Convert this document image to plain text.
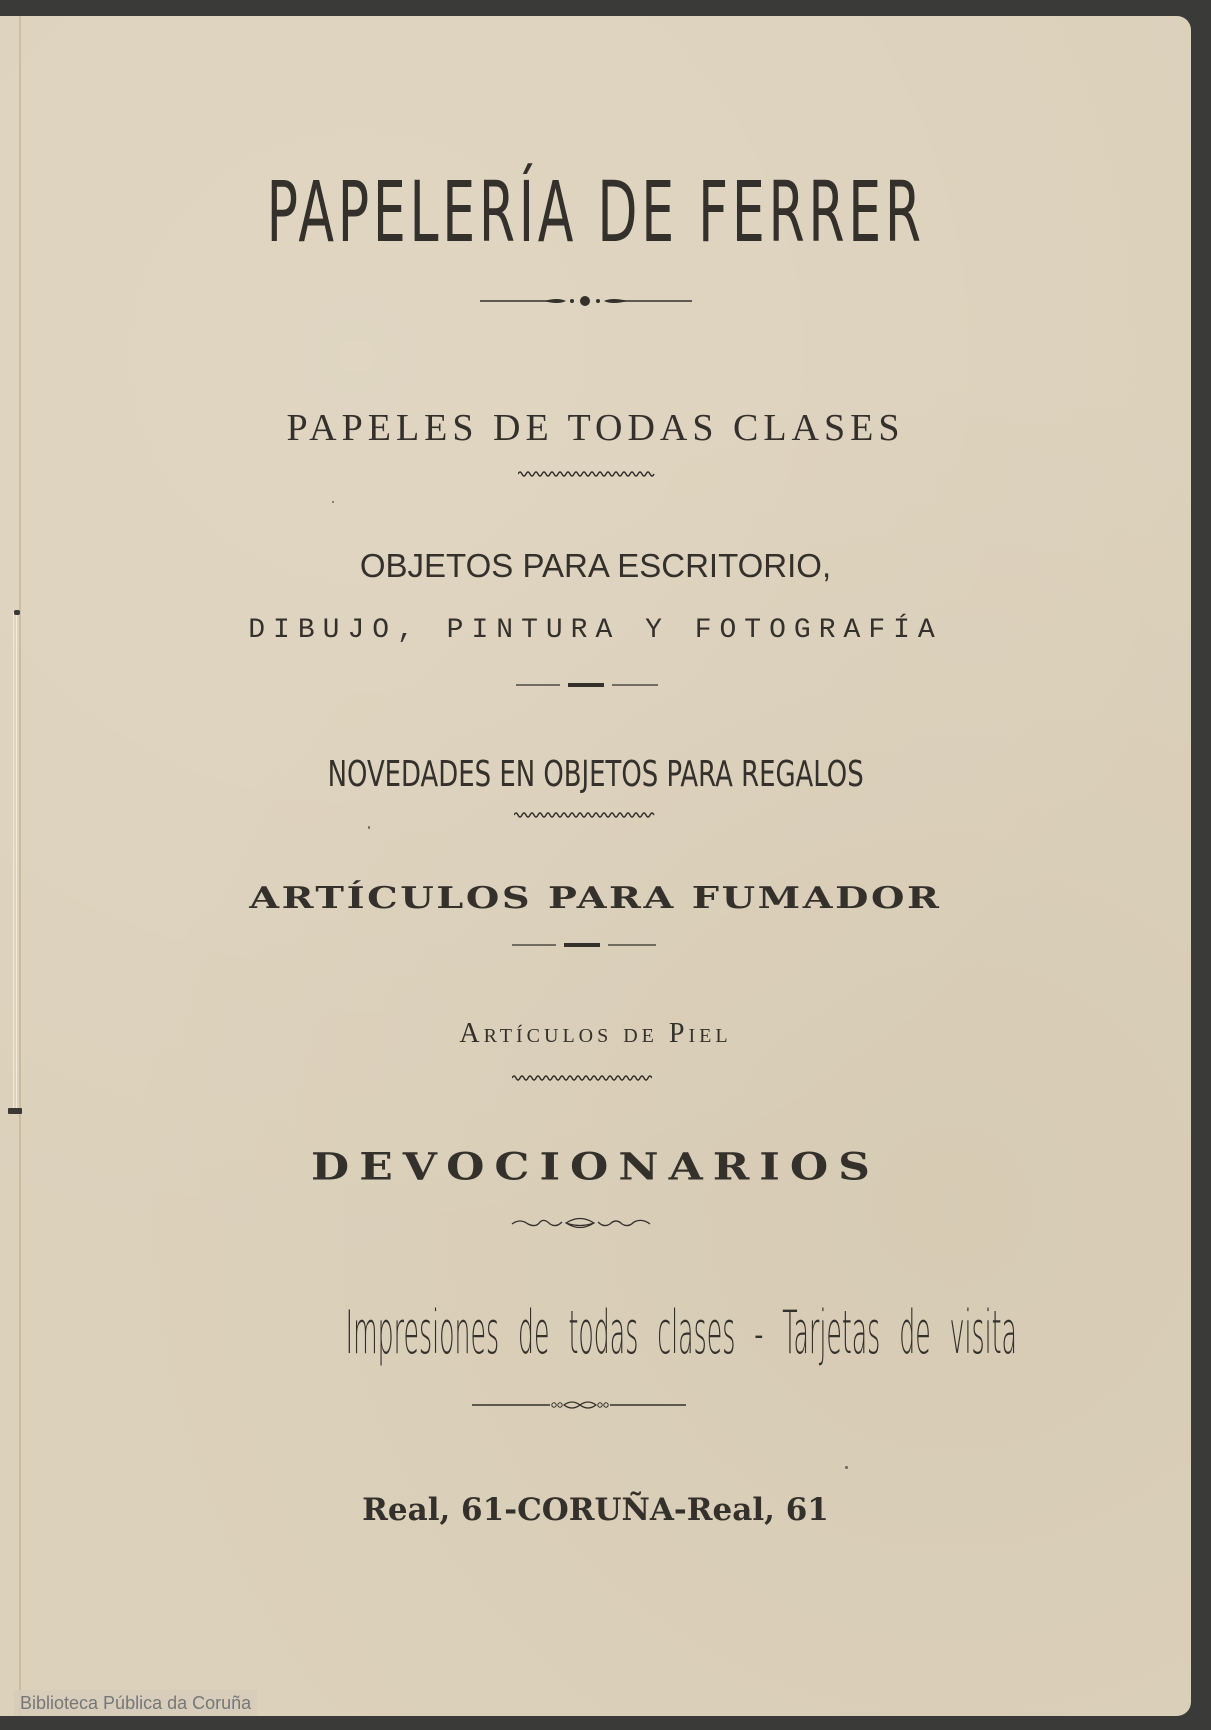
PAPELERÍA DE FERRER
PAPELES DE TODAS CLASES
OBJETOS PARA ESCRITORIO,
DIBUJO, PINTURA Y FOTOGRAFÍA
NOVEDADES EN OBJETOS PARA REGALOS
ARTÍCULOS PARA FUMADOR
Artículos de Piel
DEVOCIONARIOS
Impresiones de todas clases - Tarjetas de visita
Real, 61-CORUÑA-Real, 61
Biblioteca Pública da Coruña
